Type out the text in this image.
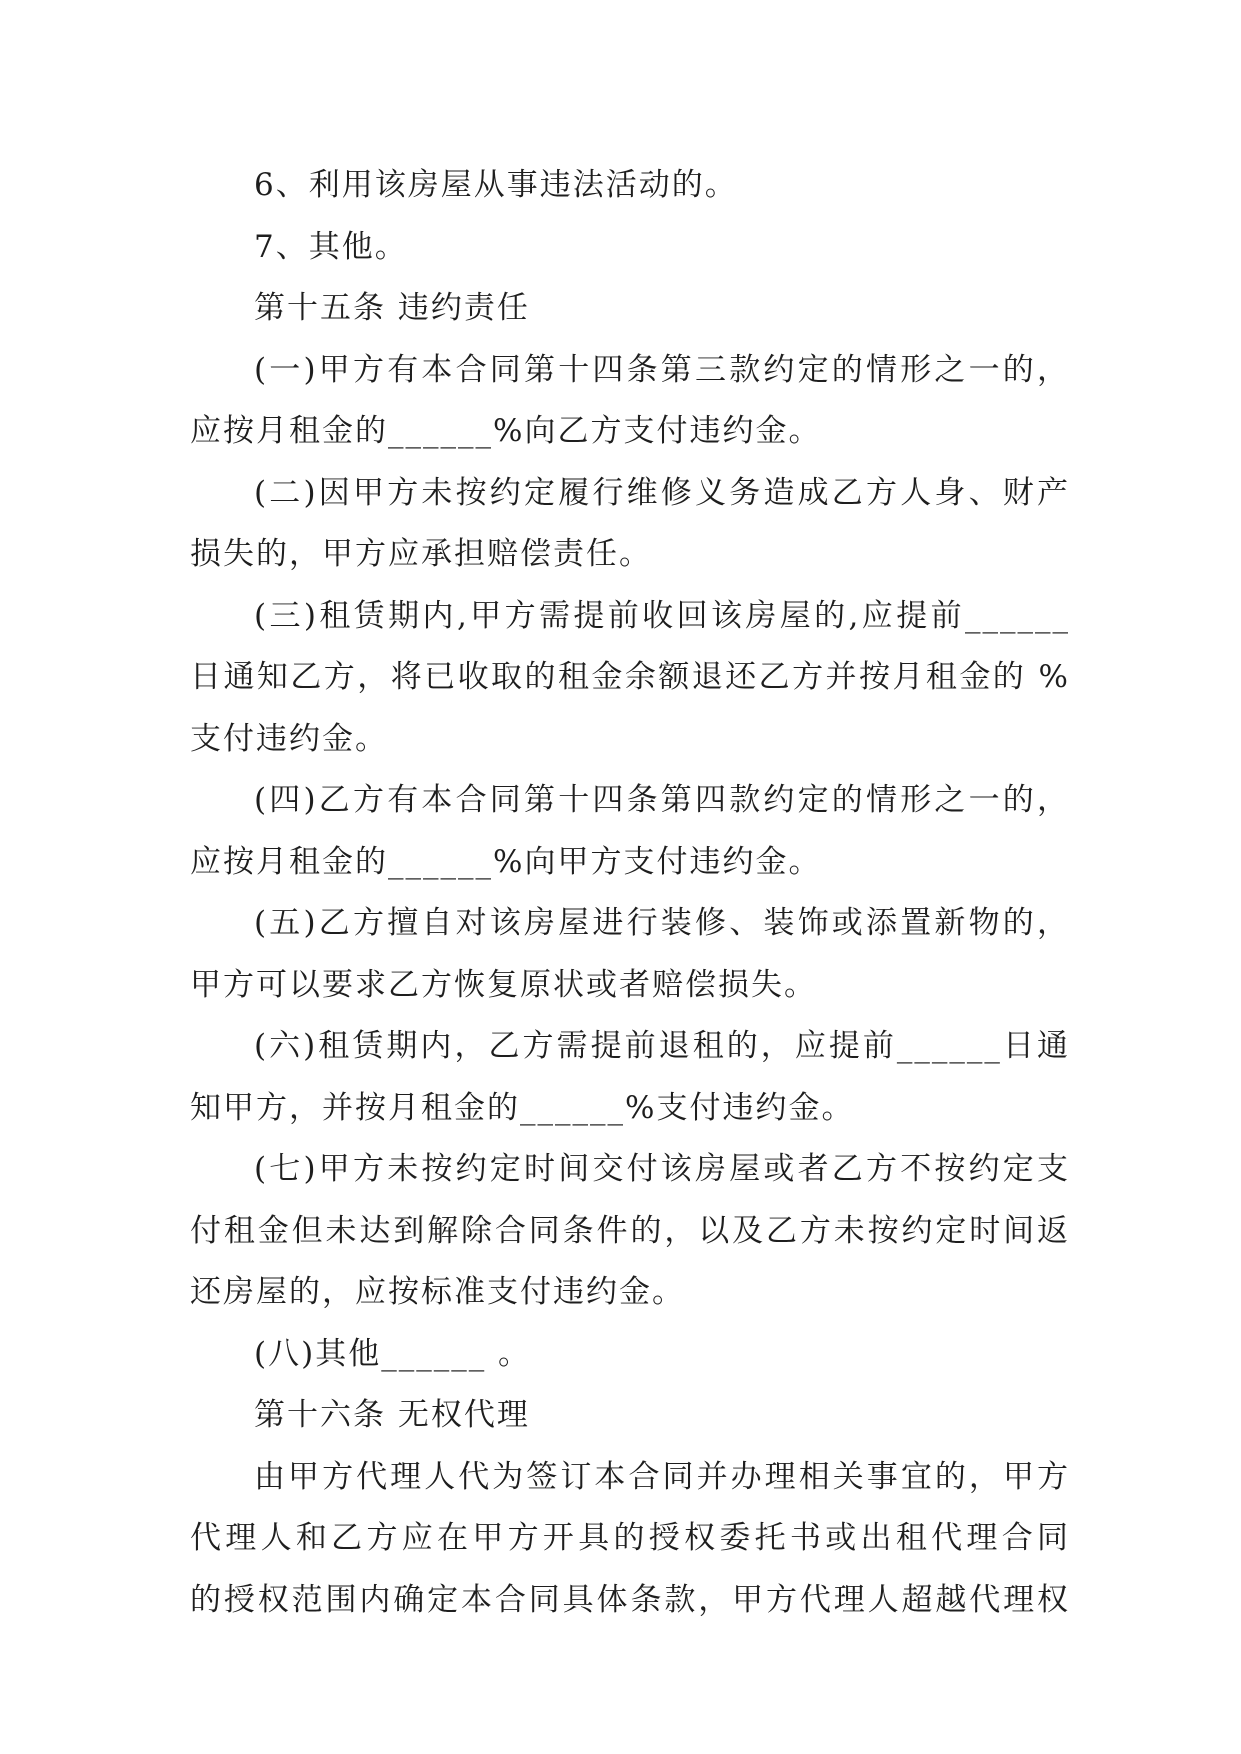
6、利用该房屋从事违法活动的。
7、其他。
第十五条 违约责任
(一)甲方有本合同第十四条第三款约定的情形之一的，
应按月租金的______%向乙方支付违约金。
(二)因甲方未按约定履行维修义务造成乙方人身、财产
损失的，甲方应承担赔偿责任。
(三)租赁期内,甲方需提前收回该房屋的,应提前______
日通知乙方，将已收取的租金余额退还乙方并按月租金的 %
支付违约金。
(四)乙方有本合同第十四条第四款约定的情形之一的，
应按月租金的______%向甲方支付违约金。
(五)乙方擅自对该房屋进行装修、装饰或添置新物的，
甲方可以要求乙方恢复原状或者赔偿损失。
(六)租赁期内，乙方需提前退租的，应提前______日通
知甲方，并按月租金的______%支付违约金。
(七)甲方未按约定时间交付该房屋或者乙方不按约定支
付租金但未达到解除合同条件的，以及乙方未按约定时间返
还房屋的，应按标准支付违约金。
(八)其他______ 。
第十六条 无权代理
由甲方代理人代为签订本合同并办理相关事宜的，甲方
代理人和乙方应在甲方开具的授权委托书或出租代理合同
的授权范围内确定本合同具体条款，甲方代理人超越代理权
